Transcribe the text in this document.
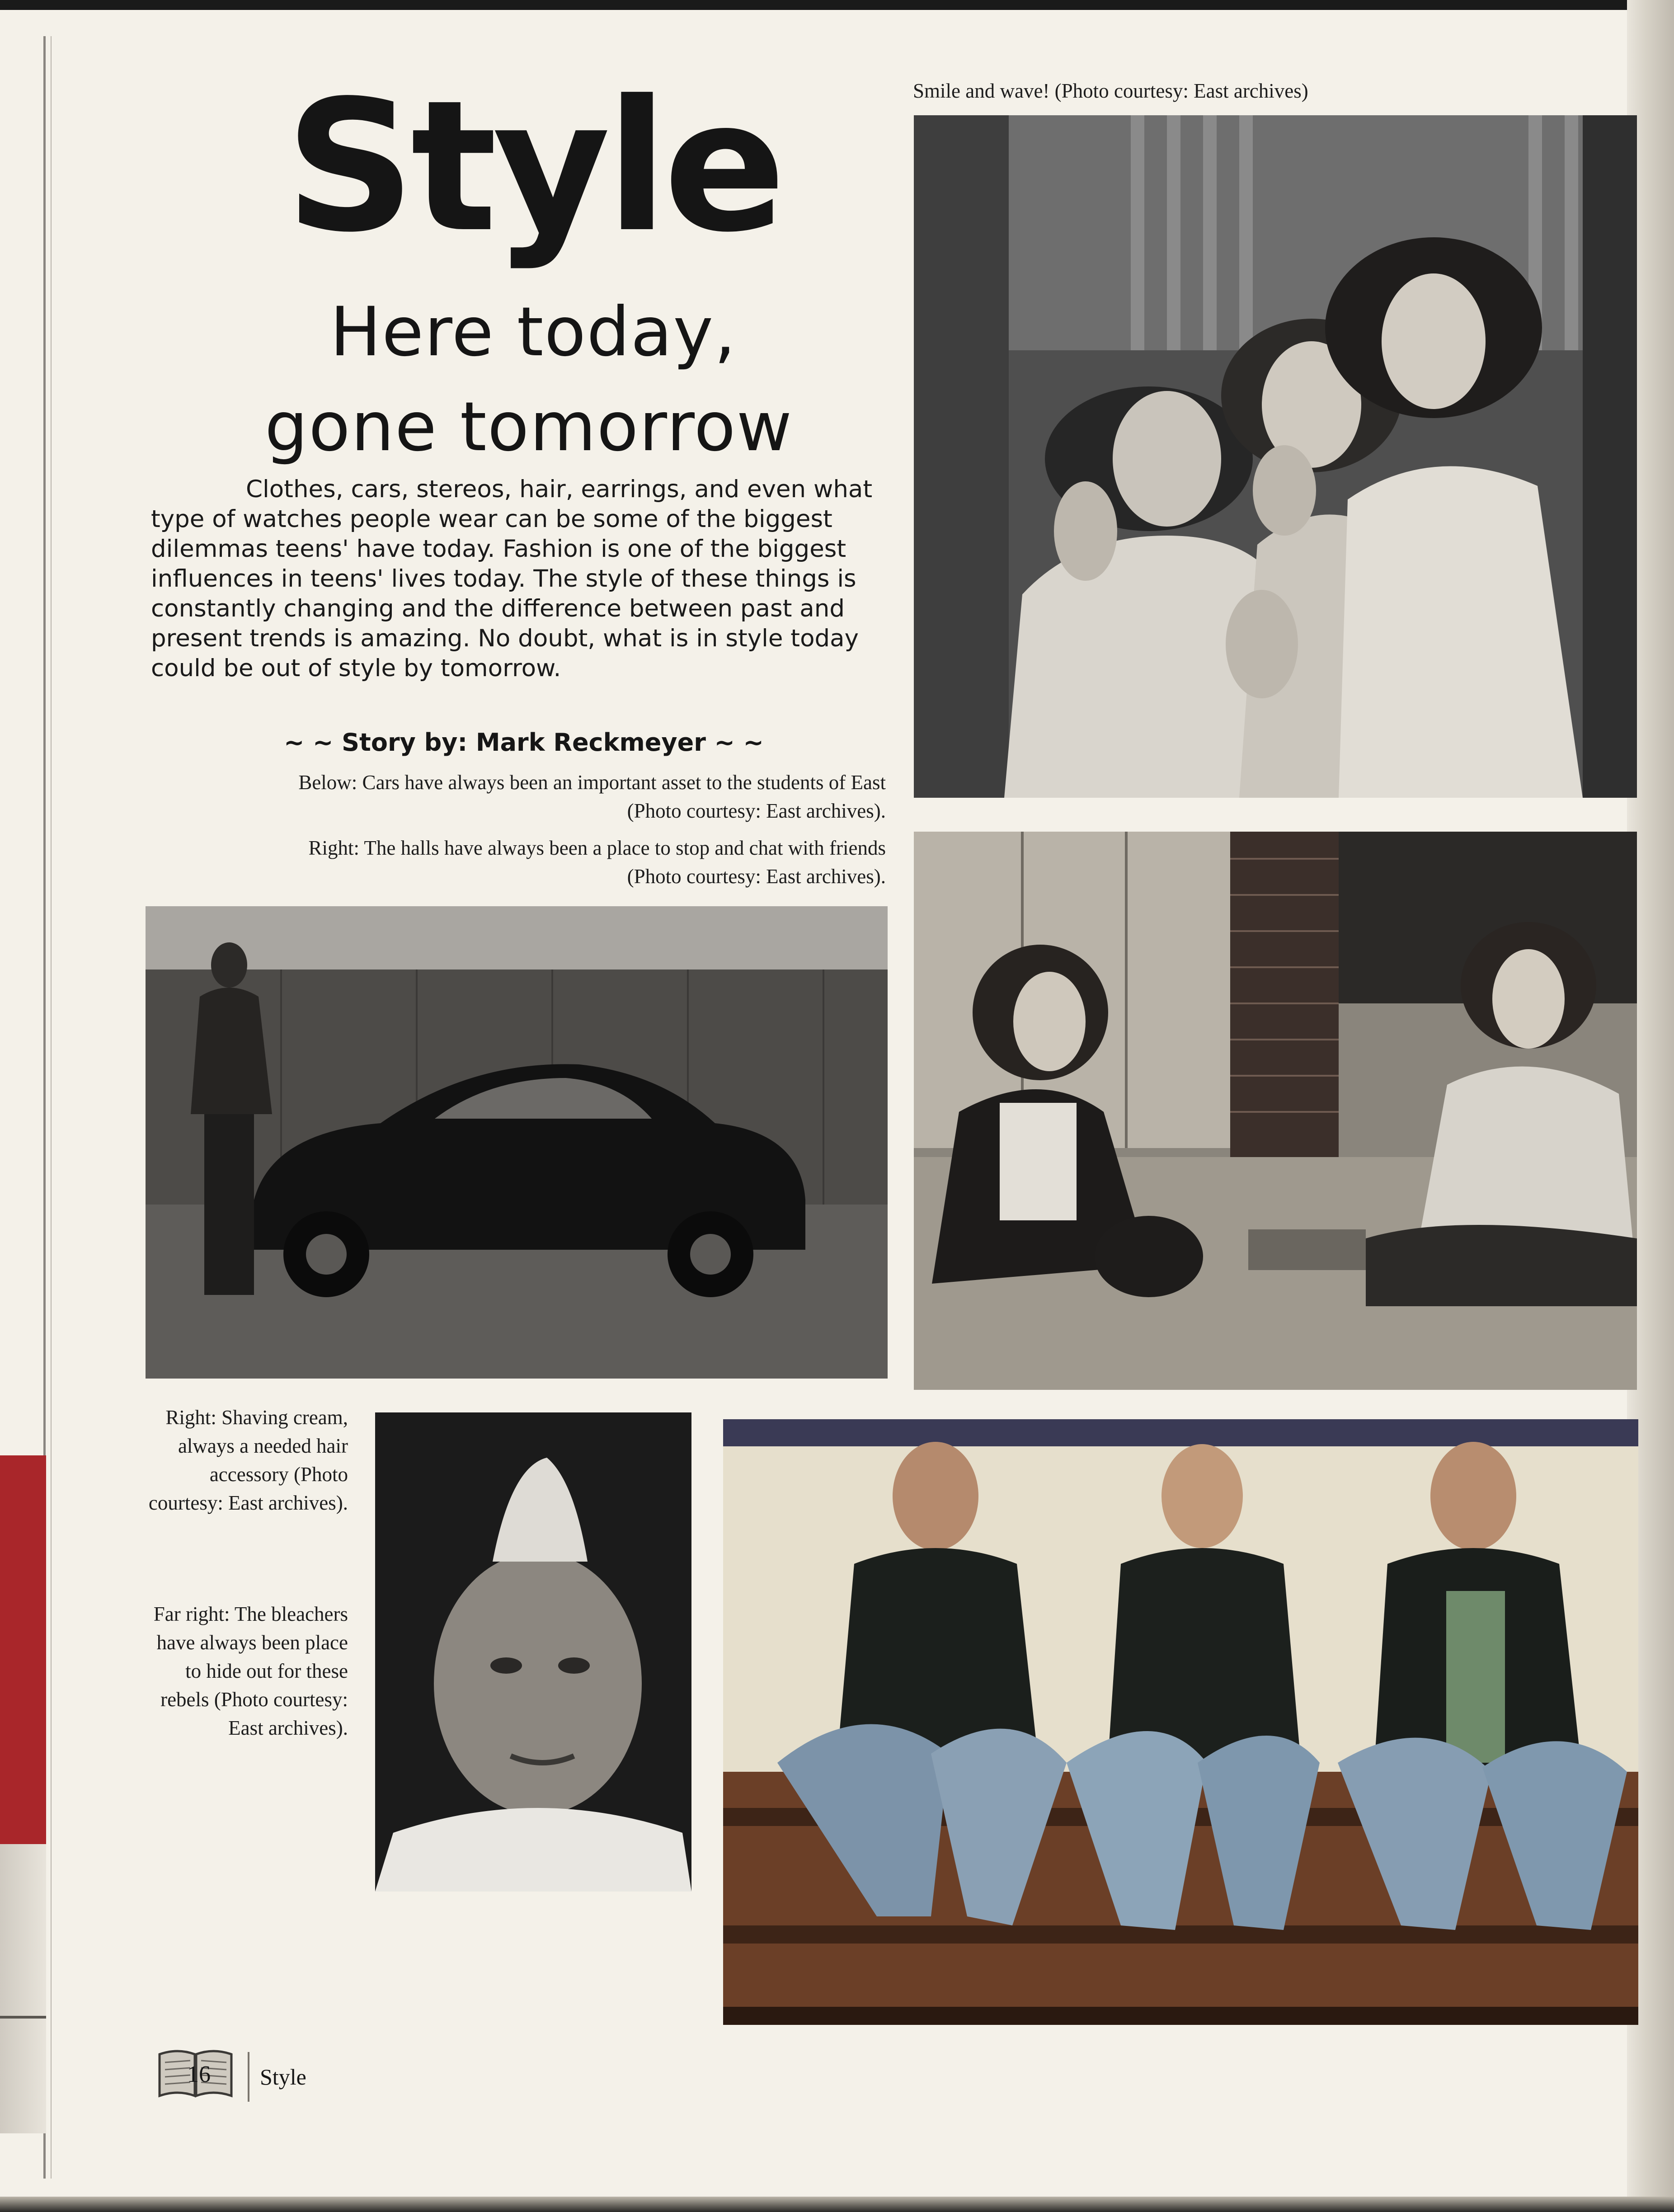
Style
Here today,
gone tomorrow

Clothes, cars, stereos, hair, earrings, and even what type of watches people wear can be some of the biggest dilemmas teens' have today. Fashion is one of the biggest influences in teens' lives today. The style of these things is constantly changing and the difference between past and present trends is amazing. No doubt, what is in style today could be out of style by tomorrow.

~ ~ Story by: Mark Reckmeyer ~ ~
Smile and wave! (Photo courtesy: East archives)
Below: Cars have always been an important asset to the students of East
(Photo courtesy: East archives).
Right: The halls have always been a place to stop and chat with friends
(Photo courtesy: East archives).
Right: Shaving cream, always a needed hair accessory (Photo courtesy: East archives).
Far right: The bleachers have always been place to hide out for these rebels (Photo courtesy: East archives).
16 Style
